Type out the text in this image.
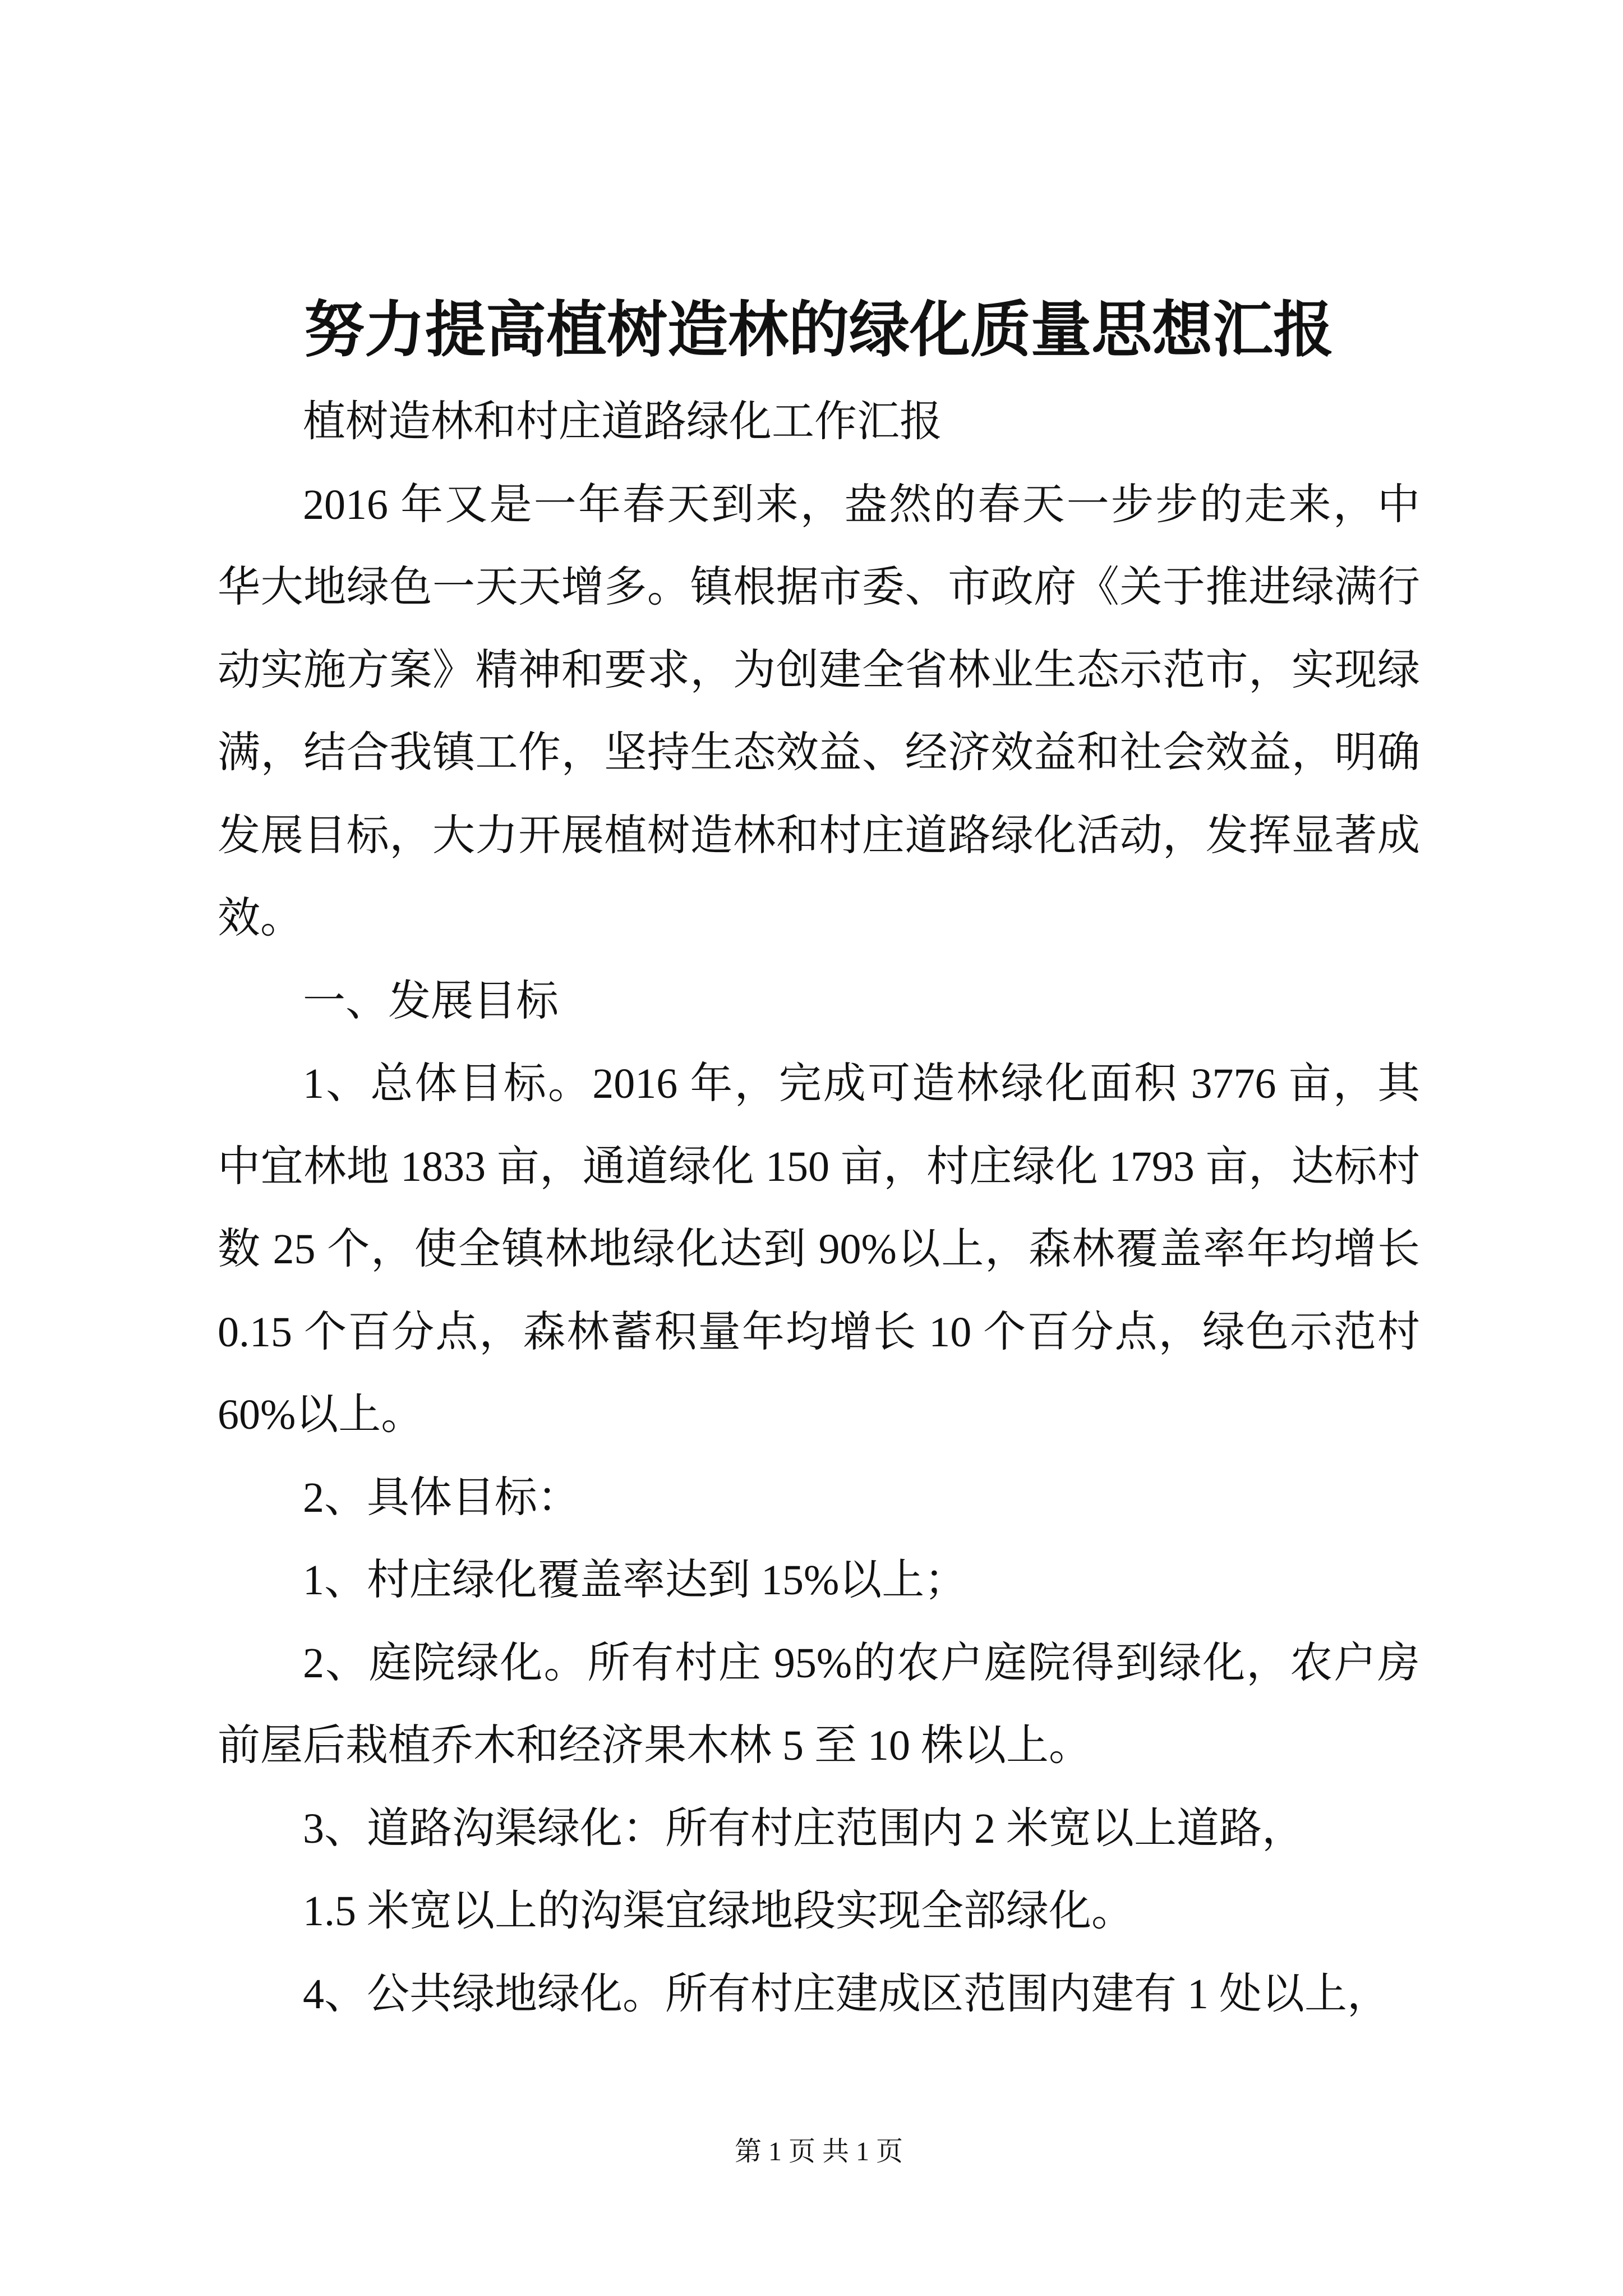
努力提高植树造林的绿化质量思想汇报
植树造林和村庄道路绿化工作汇报
2016 年又是一年春天到来，盎然的春天一步步的走来，中
华大地绿色一天天增多。镇根据市委、市政府《关于推进绿满行
动实施方案》精神和要求，为创建全省林业生态示范市，实现绿
满，结合我镇工作，坚持生态效益、经济效益和社会效益，明确
发展目标，大力开展植树造林和村庄道路绿化活动，发挥显著成
效。
一、发展目标
1、总体目标。2016 年，完成可造林绿化面积 3776 亩，其
中宜林地 1833 亩，通道绿化 150 亩，村庄绿化 1793 亩，达标村
数 25 个，使全镇林地绿化达到 90%以上，森林覆盖率年均增长
0.15 个百分点，森林蓄积量年均增长 10 个百分点，绿色示范村
60%以上。
2、具体目标：
1、村庄绿化覆盖率达到 15%以上；
2、庭院绿化。所有村庄 95%的农户庭院得到绿化，农户房
前屋后栽植乔木和经济果木林 5 至 10 株以上。
3、道路沟渠绿化：所有村庄范围内 2 米宽以上道路，
1.5 米宽以上的沟渠宜绿地段实现全部绿化。
4、公共绿地绿化。所有村庄建成区范围内建有 1 处以上，
第 1 页 共 1 页
